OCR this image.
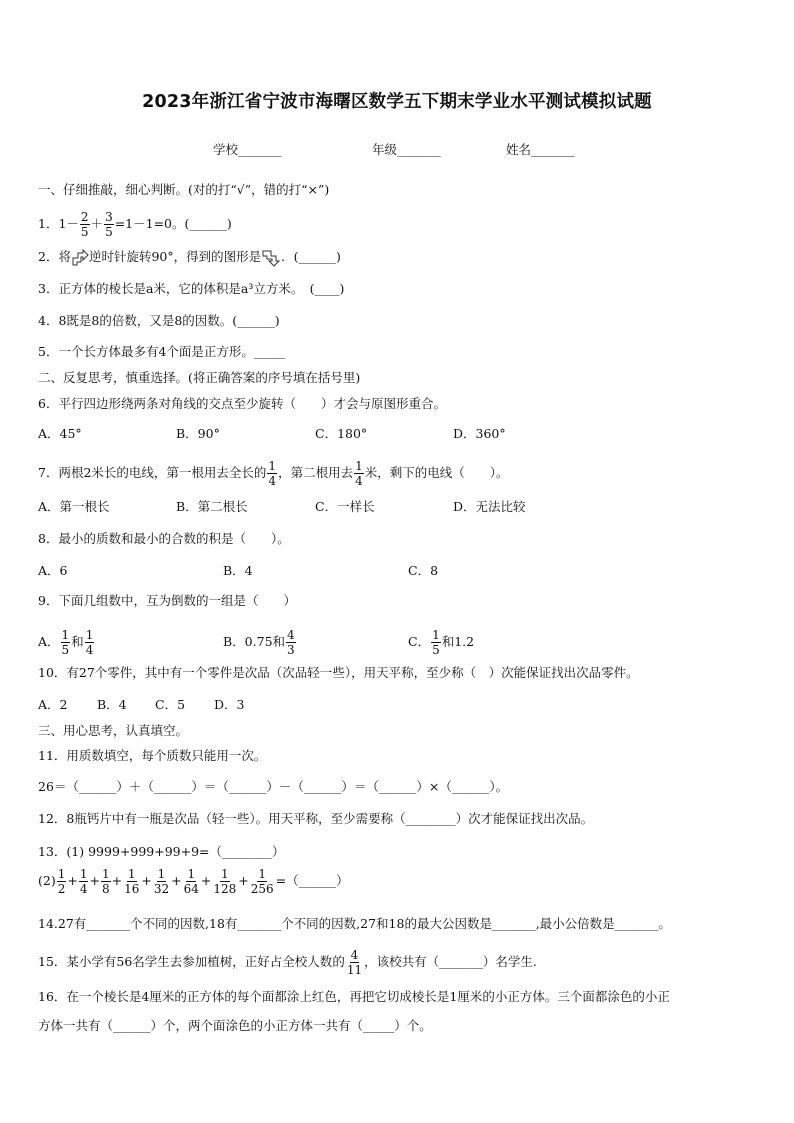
2023年浙江省宁波市海曙区数学五下期末学业水平测试模拟试题
学校_______	年级_______	姓名_______
一、仔细推敲，细心判断。(对的打“√”，错的打“×”)
1．$1- \frac{2}{5} + \frac{3}{5} =1-1=0$。(______)
2．将 逆时针旋转90°，得到的图形是 ．(______)
3．正方体的棱长是a米，它的体积是a³立方米。　(____)
4．8既是8的倍数，又是8的因数。(______)
5．一个长方体最多有4个面是正方形。_____
二、反复思考，慎重选择。(将正确答案的序号填在括号里)
6．平行四边形绕两条对角线的交点至少旋转（　　）才会与原图形重合。
A．45°	B．90°	C．180°	D．360°
7．两根2米长的电线，第一根用去全长的 $\frac{1}{4}$ ，第二根用去 $\frac{1}{4}$ 米，剩下的电线（　　）。
A．第一根长	B．第二根长	C．一样长	D．无法比较
8．最小的质数和最小的合数的积是（　　）。
A．6	B．4	C．8
9．下面几组数中，互为倒数的一组是（　　）
A． $\frac{1}{5}$ 和 $\frac{1}{4}$	B．0.75和 $\frac{4}{3}$	C． $\frac{1}{5}$ 和1.2
10．有27个零件，其中有一个零件是次品（次品轻一些），用天平称，至少称（　）次能保证找出次品零件。
A．2 B．4 C．5 D．3
三、用心思考，认真填空。
11．用质数填空，每个质数只能用一次。
26＝（______）＋（______）＝（______）－（______）＝（______）×（______）。
12．8瓶钙片中有一瓶是次品（轻一些）。用天平称，至少需要称（________）次才能保证找出次品。
13．(1) 9999+999+99+9=（________）
$(2) \frac{1}{2} + \frac{1}{4} + \frac{1}{8} + \frac{1}{16} + \frac{1}{32} + \frac{1}{64} + \frac{1}{128} + \frac{1}{256}$ =（______）
14.27有_______个不同的因数,18有_______个不同的因数,27和18的最大公因数是_______,最小公倍数是_______。
15．某小学有56名学生去参加植树，正好占全校人数的 $\frac{4}{11}$ ，该校共有（_______）名学生.
16．在一个棱长是4厘米的正方体的每个面都涂上红色，再把它切成棱长是1厘米的小正方体。三个面都涂色的小正
方体一共有（______）个，两个面涂色的小正方体一共有（_____）个。
